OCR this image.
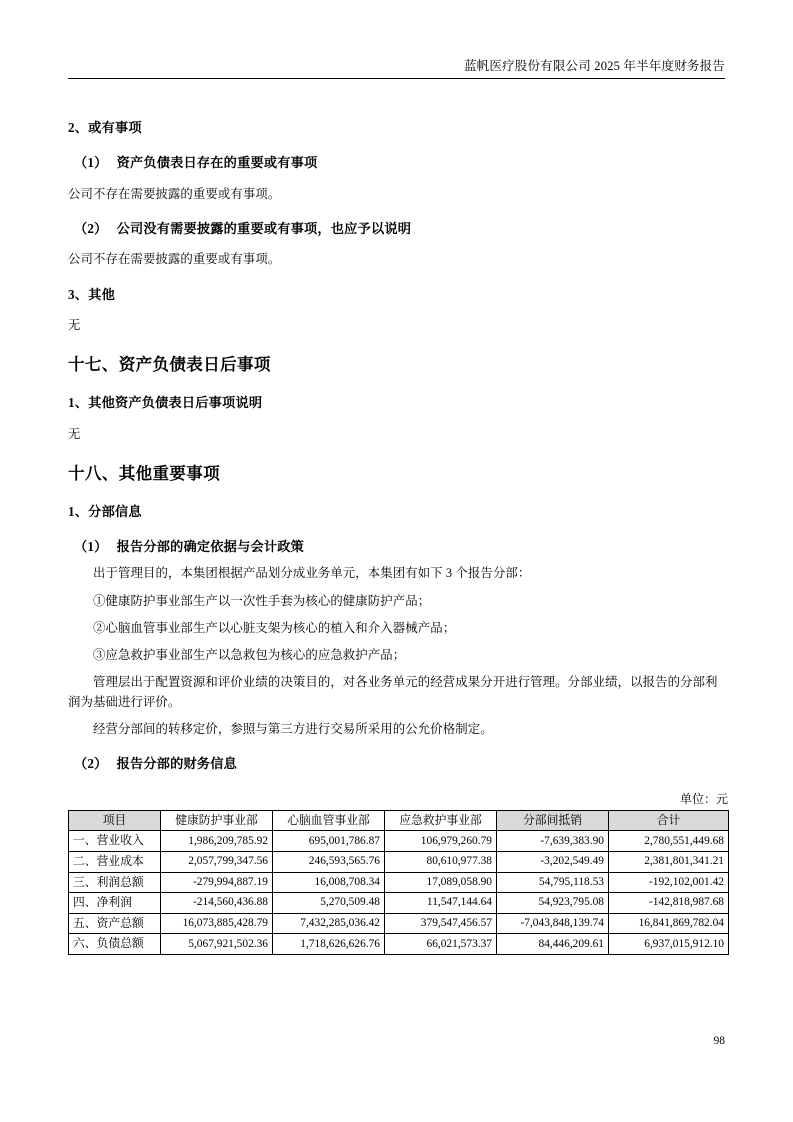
蓝帆医疗股份有限公司 2025 年半年度财务报告
2、或有事项
（1） 资产负债表日存在的重要或有事项
公司不存在需要披露的重要或有事项。
（2） 公司没有需要披露的重要或有事项，也应予以说明
公司不存在需要披露的重要或有事项。
3、其他
无
十七、资产负债表日后事项
1、其他资产负债表日后事项说明
无
十八、其他重要事项
1、分部信息
（1） 报告分部的确定依据与会计政策
出于管理目的，本集团根据产品划分成业务单元，本集团有如下 3 个报告分部：
①健康防护事业部生产以一次性手套为核心的健康防护产品；
②心脑血管事业部生产以心脏支架为核心的植入和介入器械产品；
③应急救护事业部生产以急救包为核心的应急救护产品；
管理层出于配置资源和评价业绩的决策目的，对各业务单元的经营成果分开进行管理。分部业绩，以报告的分部利润为基础进行评价。
经营分部间的转移定价，参照与第三方进行交易所采用的公允价格制定。
（2） 报告分部的财务信息
单位：元
项目	健康防护事业部	心脑血管事业部	应急救护事业部	分部间抵销	合计
一、营业收入	1,986,209,785.92	695,001,786.87	106,979,260.79	-7,639,383.90	2,780,551,449.68
二、营业成本	2,057,799,347.56	246,593,565.76	80,610,977.38	-3,202,549.49	2,381,801,341.21
三、利润总额	-279,994,887.19	16,008,708.34	17,089,058.90	54,795,118.53	-192,102,001.42
四、净利润	-214,560,436.88	5,270,509.48	11,547,144.64	54,923,795.08	-142,818,987.68
五、资产总额	16,073,885,428.79	7,432,285,036.42	379,547,456.57	-7,043,848,139.74	16,841,869,782.04
六、负债总额	5,067,921,502.36	1,718,626,626.76	66,021,573.37	84,446,209.61	6,937,015,912.10
98
